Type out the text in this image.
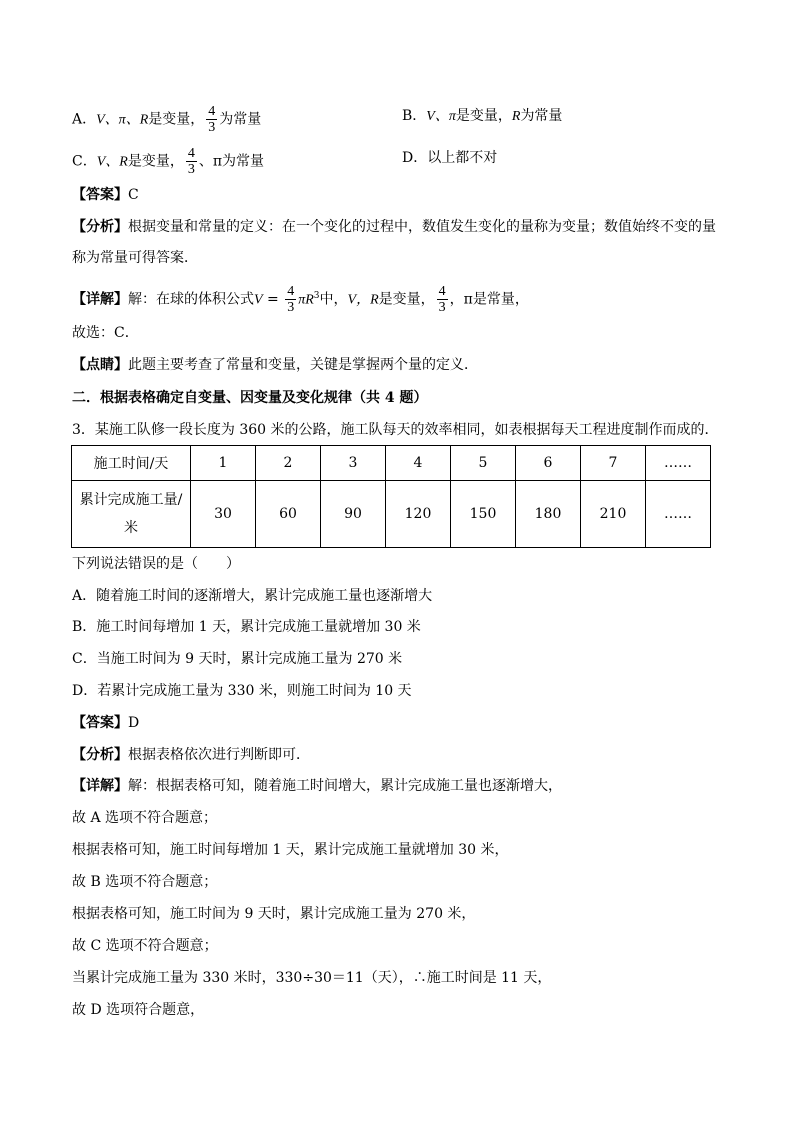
A．V、π、R是变量， $\frac{4}{3}$ 为常量	B．V、π是变量，R为常量
C．V、R是变量， $\frac{4}{3}$ 、π为常量	D．以上都不对
【答案】C
【分析】根据变量和常量的定义：在一个变化的过程中，数值发生变化的量称为变量；数值始终不变的量
称为常量可得答案．
【详解】解：在球的体积公式$V = \frac{4}{3} \pi R^3$中，V，R是变量， $\frac{4}{3}$ ，π是常量，
故选：C．
【点睛】此题主要考查了常量和变量，关键是掌握两个量的定义．
二．根据表格确定自变量、因变量及变化规律（共 4 题）
3．某施工队修一段长度为 360 米的公路，施工队每天的效率相同，如表根据每天工程进度制作而成的．
施工时间/天	1	2	3	4	5	6	7	……
累计完成施工量/
米	30	60	90	120	150	180	210	……
下列说法错误的是（　　）
A．随着施工时间的逐渐增大，累计完成施工量也逐渐增大
B．施工时间每增加 1 天，累计完成施工量就增加 30 米
C．当施工时间为 9 天时，累计完成施工量为 270 米
D．若累计完成施工量为 330 米，则施工时间为 10 天
【答案】D
【分析】根据表格依次进行判断即可．
【详解】解：根据表格可知，随着施工时间增大，累计完成施工量也逐渐增大，
故 A 选项不符合题意；
根据表格可知，施工时间每增加 1 天，累计完成施工量就增加 30 米，
故 B 选项不符合题意；
根据表格可知，施工时间为 9 天时，累计完成施工量为 270 米，
故 C 选项不符合题意；
当累计完成施工量为 330 米时，330÷30＝11（天），∴施工时间是 11 天，
故 D 选项符合题意，
